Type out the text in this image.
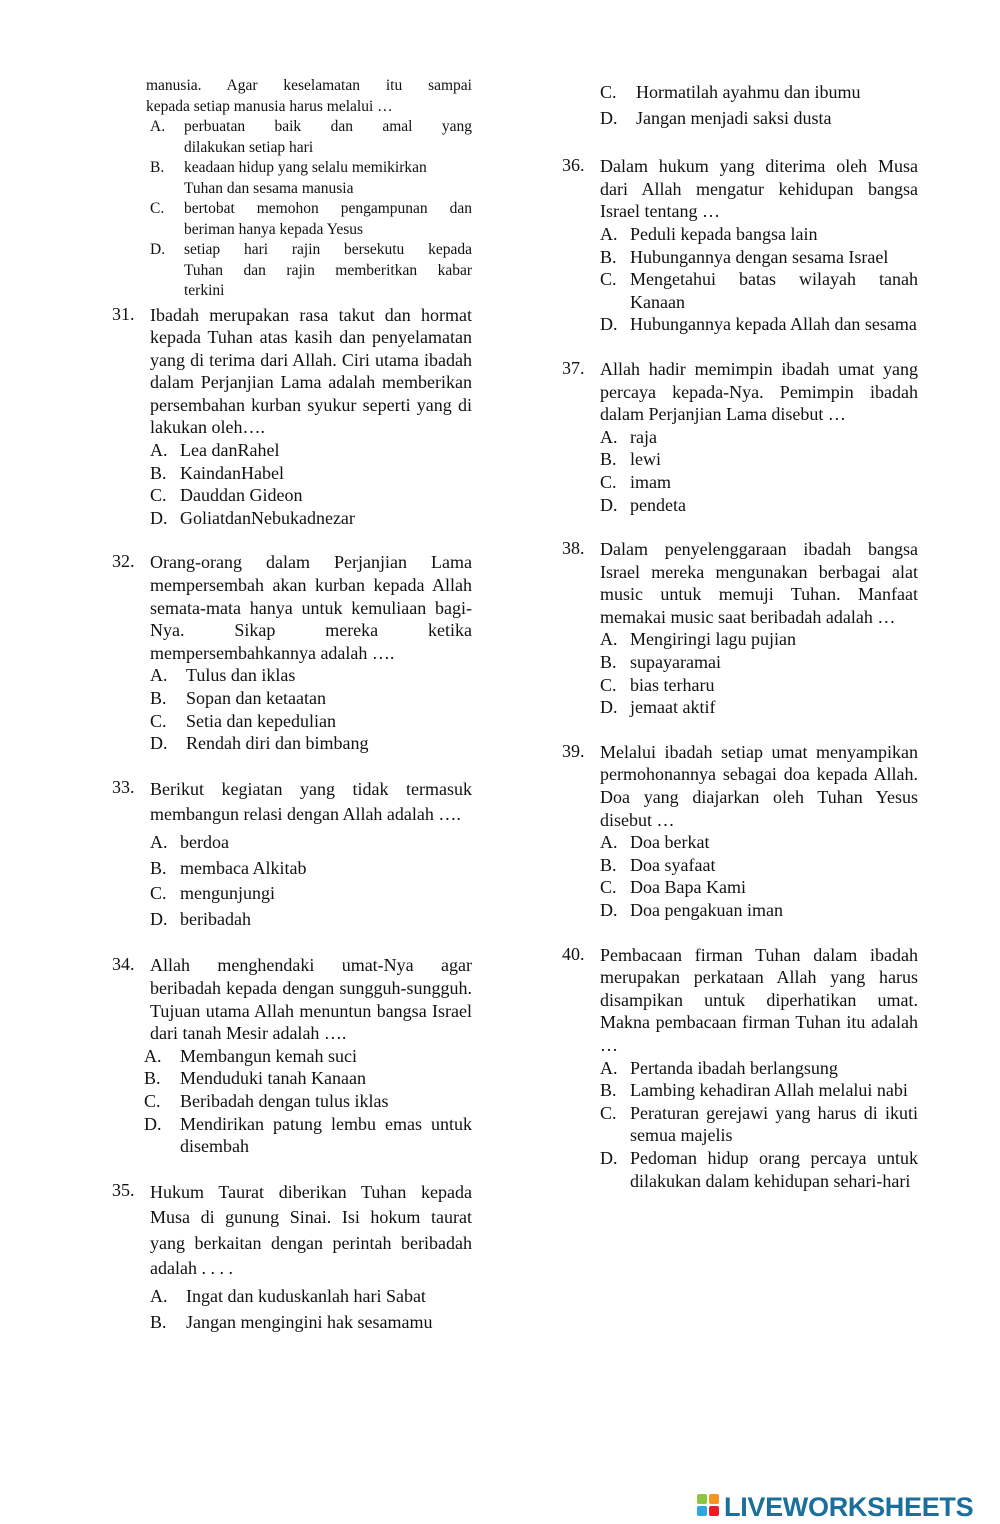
manusia. Agar keselamatan itu sampai

kepada setiap manusia harus melalui …

A. perbuatan baik dan amal yang
dilakukan setiap hari
B. keadaan hidup yang selalu memikirkan
Tuhan dan sesama manusia
C. bertobat memohon pengampunan dan
beriman hanya kepada Yesus
D. setiap hari rajin bersekutu kepada
Tuhan dan rajin memberitkan kabar
terkini
31. Ibadah merupakan rasa takut dan hormat kepada Tuhan atas kasih dan penyelamatan yang di terima dari Allah. Ciri utama ibadah dalam Perjanjian Lama adalah memberikan persembahan kurban syukur seperti yang di lakukan oleh….

A. Lea danRahel
B. KaindanHabel
C. Dauddan Gideon
D. GoliatdanNebukadnezar
32. Orang-orang dalam Perjanjian Lama mempersembah akan kurban kepada Allah semata-mata hanya untuk kemuliaan bagi-Nya. Sikap mereka ketika mempersembahkannya adalah ….

A. Tulus dan iklas
B. Sopan dan ketaatan
C. Setia dan kepedulian
D. Rendah diri dan bimbang
33. Berikut kegiatan yang tidak termasuk membangun relasi dengan Allah adalah ….

A. berdoa
B. membaca Alkitab
C. mengunjungi
D. beribadah
34. Allah menghendaki umat-Nya agar beribadah kepada dengan sungguh-sungguh. Tujuan utama Allah menuntun bangsa Israel dari tanah Mesir adalah ….

A. Membangun kemah suci
B. Menduduki tanah Kanaan
C. Beribadah dengan tulus iklas
D. Mendirikan patung lembu emas untuk disembah
35. Hukum Taurat diberikan Tuhan kepada Musa di gunung Sinai. Isi hokum taurat yang berkaitan dengan perintah beribadah adalah . . . .

A. Ingat dan kuduskanlah hari Sabat
B. Jangan mengingini hak sesamamu
C. Hormatilah ayahmu dan ibumu
D. Jangan menjadi saksi dusta
36. Dalam hukum yang diterima oleh Musa dari Allah mengatur kehidupan bangsa Israel tentang …

A. Peduli kepada bangsa lain
B. Hubungannya dengan sesama Israel
C. Mengetahui batas wilayah tanah Kanaan
D. Hubungannya kepada Allah dan sesama
37. Allah hadir memimpin ibadah umat yang percaya kepada-Nya. Pemimpin ibadah dalam Perjanjian Lama disebut …

A. raja
B. lewi
C. imam
D. pendeta
38. Dalam penyelenggaraan ibadah bangsa Israel mereka mengunakan berbagai alat music untuk memuji Tuhan. Manfaat memakai music saat beribadah adalah …

A. Mengiringi lagu pujian
B. supayaramai
C. bias terharu
D. jemaat aktif
39. Melalui ibadah setiap umat menyampikan permohonannya sebagai doa kepada Allah. Doa yang diajarkan oleh Tuhan Yesus disebut …

A. Doa berkat
B. Doa syafaat
C. Doa Bapa Kami
D. Doa pengakuan iman
40. Pembacaan firman Tuhan dalam ibadah merupakan perkataan Allah yang harus disampikan untuk diperhatikan umat. Makna pembacaan firman Tuhan itu adalah …

A. Pertanda ibadah berlangsung
B. Lambing kehadiran Allah melalui nabi
C. Peraturan gerejawi yang harus di ikuti semua majelis
D. Pedoman hidup orang percaya untuk dilakukan dalam kehidupan sehari-hari
LIVEWORKSHEETS
